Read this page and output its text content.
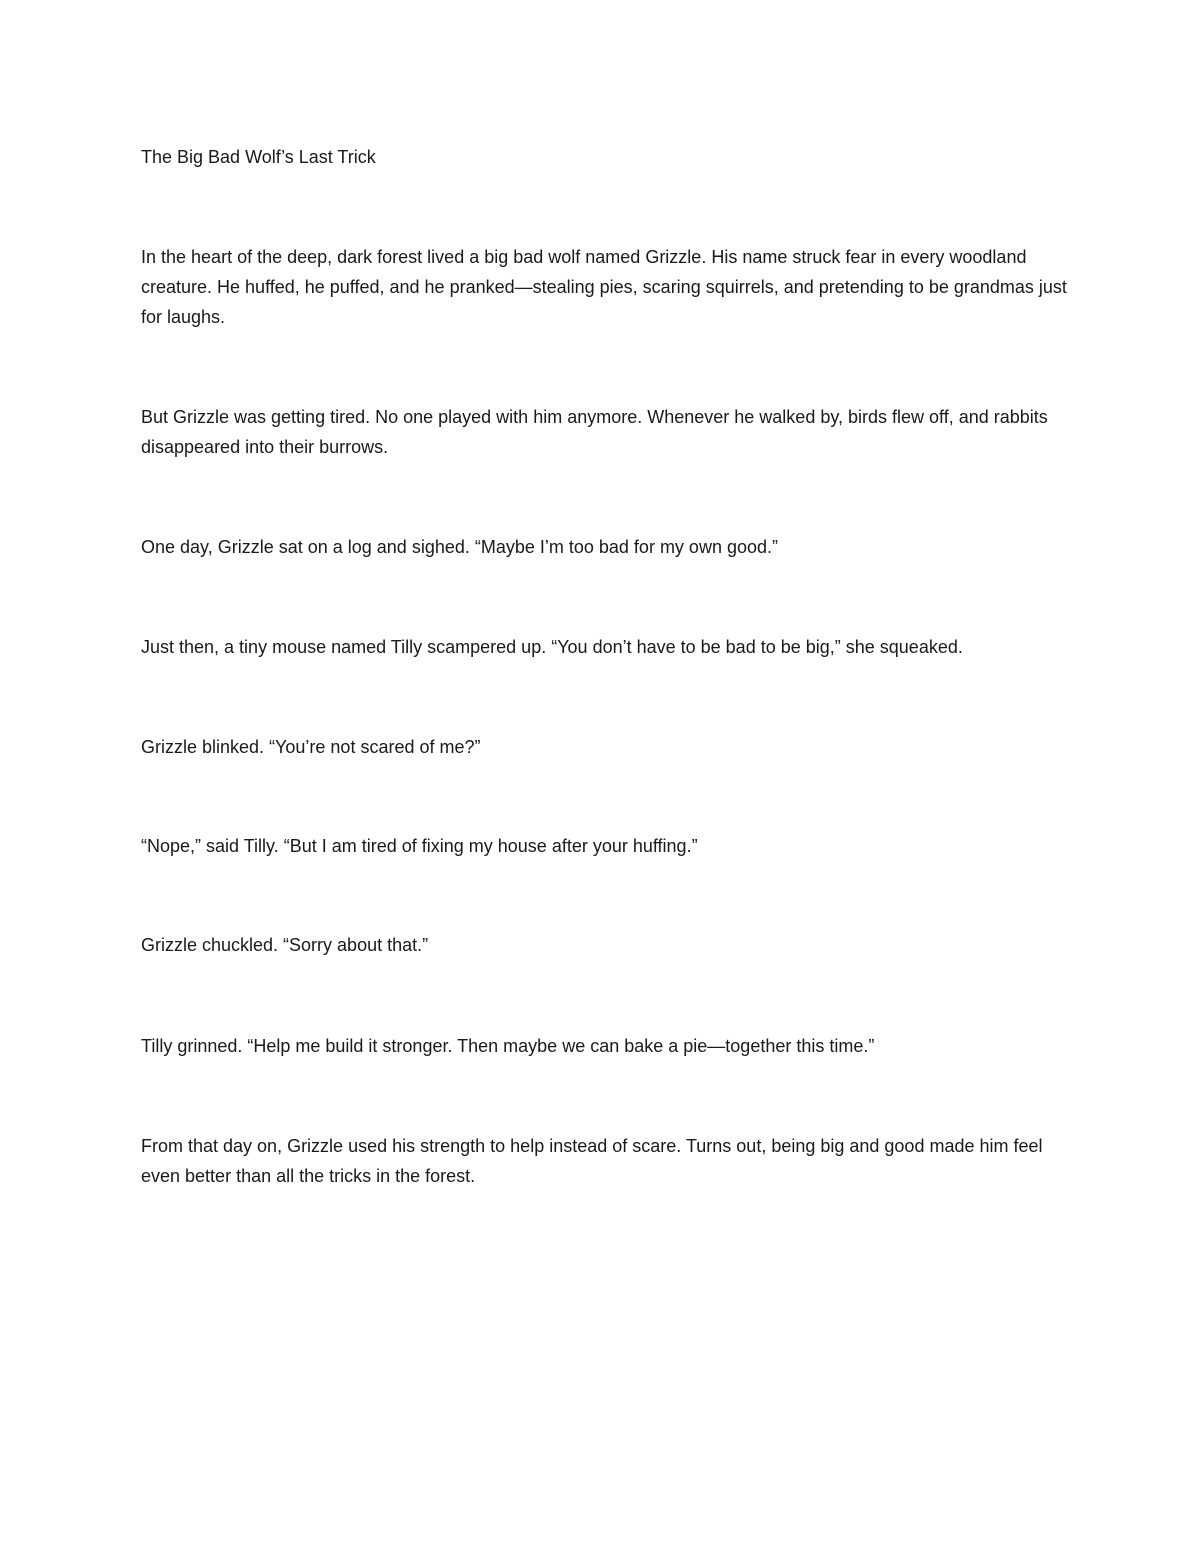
The Big Bad Wolf’s Last Trick

In the heart of the deep, dark forest lived a big bad wolf named Grizzle. His name struck fear in every woodland creature. He huffed, he puffed, and he pranked—stealing pies, scaring squirrels, and pretending to be grandmas just for laughs.

But Grizzle was getting tired. No one played with him anymore. Whenever he walked by, birds flew off, and rabbits disappeared into their burrows.

One day, Grizzle sat on a log and sighed. “Maybe I’m too bad for my own good.”

Just then, a tiny mouse named Tilly scampered up. “You don’t have to be bad to be big,” she squeaked.

Grizzle blinked. “You’re not scared of me?”

“Nope,” said Tilly. “But I am tired of fixing my house after your huffing.”

Grizzle chuckled. “Sorry about that.”

Tilly grinned. “Help me build it stronger. Then maybe we can bake a pie—together this time.”

From that day on, Grizzle used his strength to help instead of scare. Turns out, being big and good made him feel even better than all the tricks in the forest.
